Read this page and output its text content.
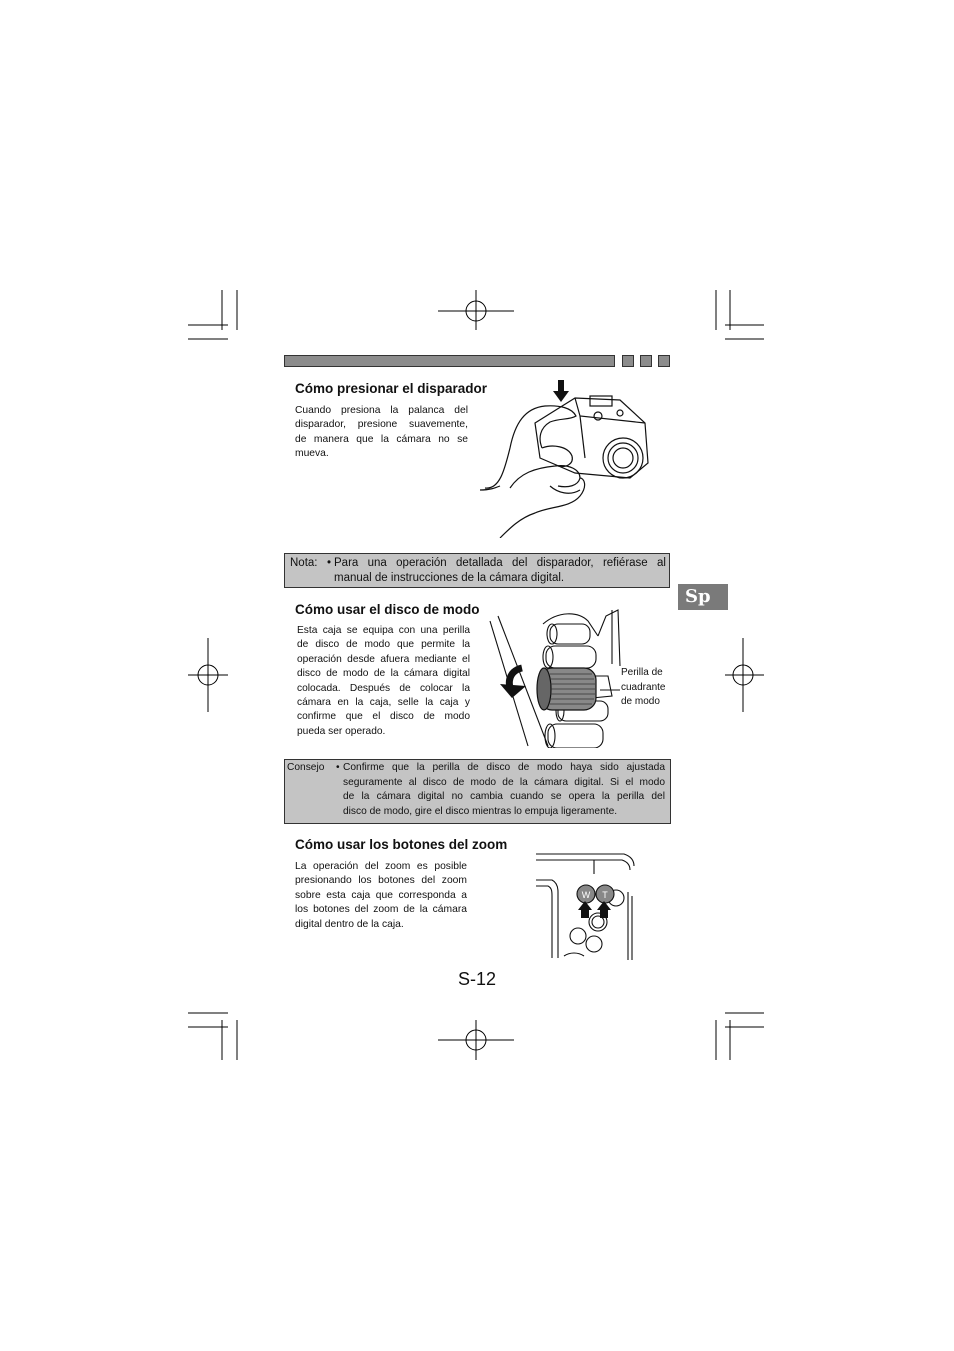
Cómo presionar el disparador
Cuando presiona la palanca del
disparador, presione suavemente,
de manera que la cámara no se
mueva.
Nota: • Para una operación detallada del disparador, refiérase al
manual de instrucciones de la cámara digital.
Sp
Cómo usar el disco de modo
Esta caja se equipa con una perilla
de disco de modo que permite la
operación desde afuera mediante el
disco de modo de la cámara digital
colocada. Después de colocar la
cámara en la caja, selle la caja y
confirme que el disco de modo
pueda ser operado.
Perilla de
cuadrante
de modo
Consejo • Confirme que la perilla de disco de modo haya sido ajustada
seguramente al disco de modo de la cámara digital. Si el modo
de la cámara digital no cambia cuando se opera la perilla del
disco de modo, gire el disco mientras lo empuja ligeramente.
Cómo usar los botones del zoom
La operación del zoom es posible
presionando los botones del zoom
sobre esta caja que corresponda a
los botones del zoom de la cámara
digital dentro de la caja.
W T
S-12
